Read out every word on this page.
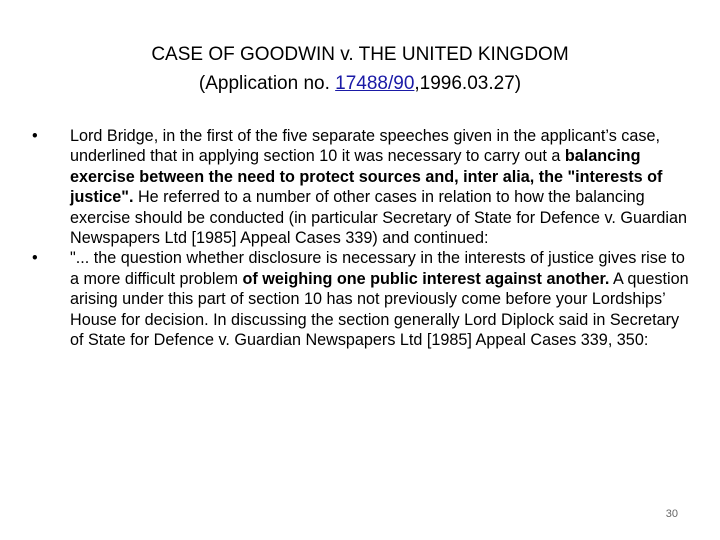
CASE OF GOODWIN v. THE UNITED KINGDOM
(Application no. 17488/90,1996.03.27)
•	Lord Bridge, in the first of the five separate speeches given in the applicant’s case, underlined that in applying section 10 it was necessary to carry out a balancing exercise between the need to protect sources and, inter alia, the "interests of justice". He referred to a number of other cases in relation to how the balancing exercise should be conducted (in particular Secretary of State for Defence v. Guardian Newspapers Ltd [1985] Appeal Cases 339) and continued:
•	"... the question whether disclosure is necessary in the interests of justice gives rise to a more difficult problem of weighing one public interest against another. A question arising under this part of section 10 has not previously come before your Lordships’ House for decision. In discussing the section generally Lord Diplock said in Secretary of State for Defence v. Guardian Newspapers Ltd [1985] Appeal Cases 339, 350:
30
